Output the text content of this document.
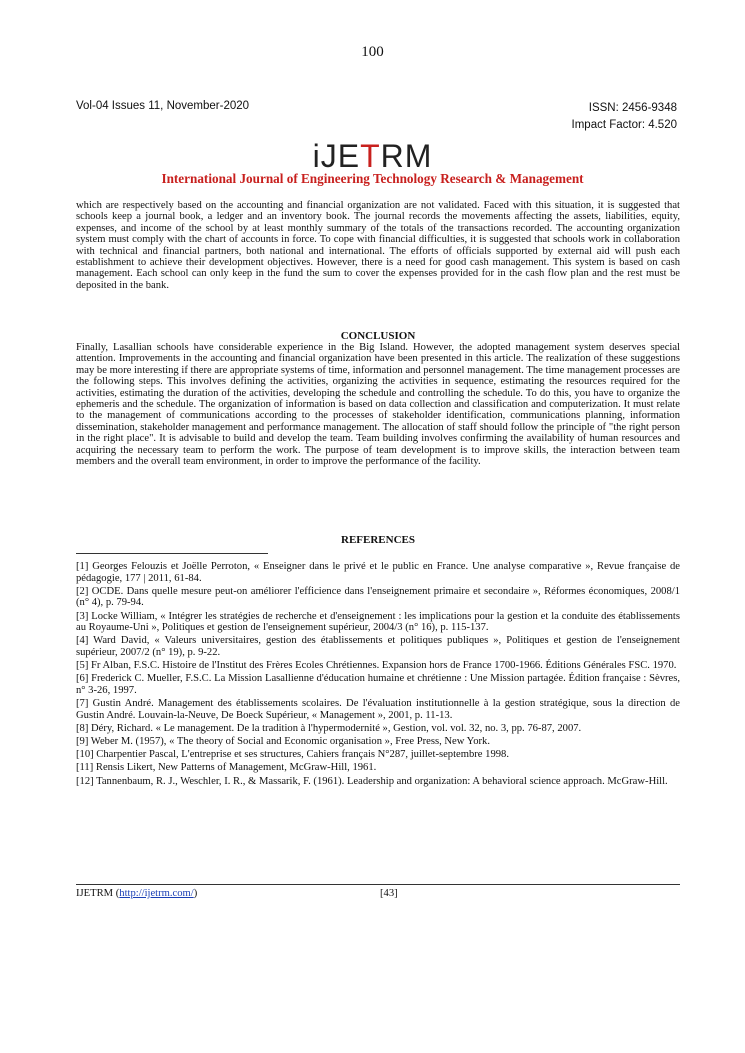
100
Vol-04 Issues 11, November-2020	ISSN: 2456-9348
Impact Factor: 4.520
iJETRM
International Journal of Engineering Technology Research & Management
which are respectively based on the accounting and financial organization are not validated. Faced with this situation, it is suggested that schools keep a journal book, a ledger and an inventory book. The journal records the movements affecting the assets, liabilities, equity, expenses, and income of the school by at least monthly summary of the totals of the transactions recorded. The accounting organization system must comply with the chart of accounts in force. To cope with financial difficulties, it is suggested that schools work in collaboration with technical and financial partners, both national and international. The efforts of officials supported by external aid will push each establishment to achieve their development objectives. However, there is a need for good cash management. This system is based on cash management. Each school can only keep in the fund the sum to cover the expenses provided for in the cash flow plan and the rest must be deposited in the bank.
CONCLUSION
Finally, Lasallian schools have considerable experience in the Big Island. However, the adopted management system deserves special attention. Improvements in the accounting and financial organization have been presented in this article. The realization of these suggestions may be more interesting if there are appropriate systems of time, information and personnel management. The time management processes are the following steps. This involves defining the activities, organizing the activities in sequence, estimating the resources required for the activities, estimating the duration of the activities, developing the schedule and controlling the schedule. To do this, you have to organize the ephemeris and the schedule. The organization of information is based on data collection and classification and computerization. It must relate to the management of communications according to the processes of stakeholder identification, communications planning, information dissemination, stakeholder management and performance management. The allocation of staff should follow the principle of "the right person in the right place". It is advisable to build and develop the team. Team building involves confirming the availability of human resources and acquiring the necessary team to perform the work. The purpose of team development is to improve skills, the interaction between team members and the overall team environment, in order to improve the performance of the facility.
REFERENCES
[1] Georges Felouzis et Joëlle Perroton, « Enseigner dans le privé et le public en France. Une analyse comparative », Revue française de pédagogie, 177 | 2011, 61-84.
[2] OCDE. Dans quelle mesure peut-on améliorer l'efficience dans l'enseignement primaire et secondaire », Réformes économiques, 2008/1 (n° 4), p. 79-94.
[3] Locke William, « Intégrer les stratégies de recherche et d'enseignement : les implications pour la gestion et la conduite des établissements au Royaume-Uni », Politiques et gestion de l'enseignement supérieur, 2004/3 (n° 16), p. 115-137.
[4] Ward David, « Valeurs universitaires, gestion des établissements et politiques publiques », Politiques et gestion de l'enseignement supérieur, 2007/2 (n° 19), p. 9-22.
[5] Fr Alban, F.S.C. Histoire de l'Institut des Frères Ecoles Chrétiennes. Expansion hors de France 1700-1966. Éditions Générales FSC. 1970.
[6] Frederick C. Mueller, F.S.C. La Mission Lasallienne d'éducation humaine et chrétienne : Une Mission partagée. Édition française : Sèvres, n° 3-26, 1997.
[7] Gustin André. Management des établissements scolaires. De l'évaluation institutionnelle à la gestion stratégique, sous la direction de Gustin André. Louvain-la-Neuve, De Boeck Supérieur, « Management », 2001, p. 11-13.
[8] Déry, Richard. « Le management. De la tradition à l'hypermodernité », Gestion, vol. vol. 32, no. 3, pp. 76-87, 2007.
[9] Weber M. (1957), « The theory of Social and Economic organisation », Free Press, New York.
[10] Charpentier Pascal, L'entreprise et ses structures, Cahiers français N°287, juillet-septembre 1998.
[11] Rensis Likert, New Patterns of Management, McGraw-Hill, 1961.
[12] Tannenbaum, R. J., Weschler, I. R., & Massarik, F. (1961). Leadership and organization: A behavioral science approach. McGraw-Hill.
IJETRM (http://ijetrm.com/)	[43]
